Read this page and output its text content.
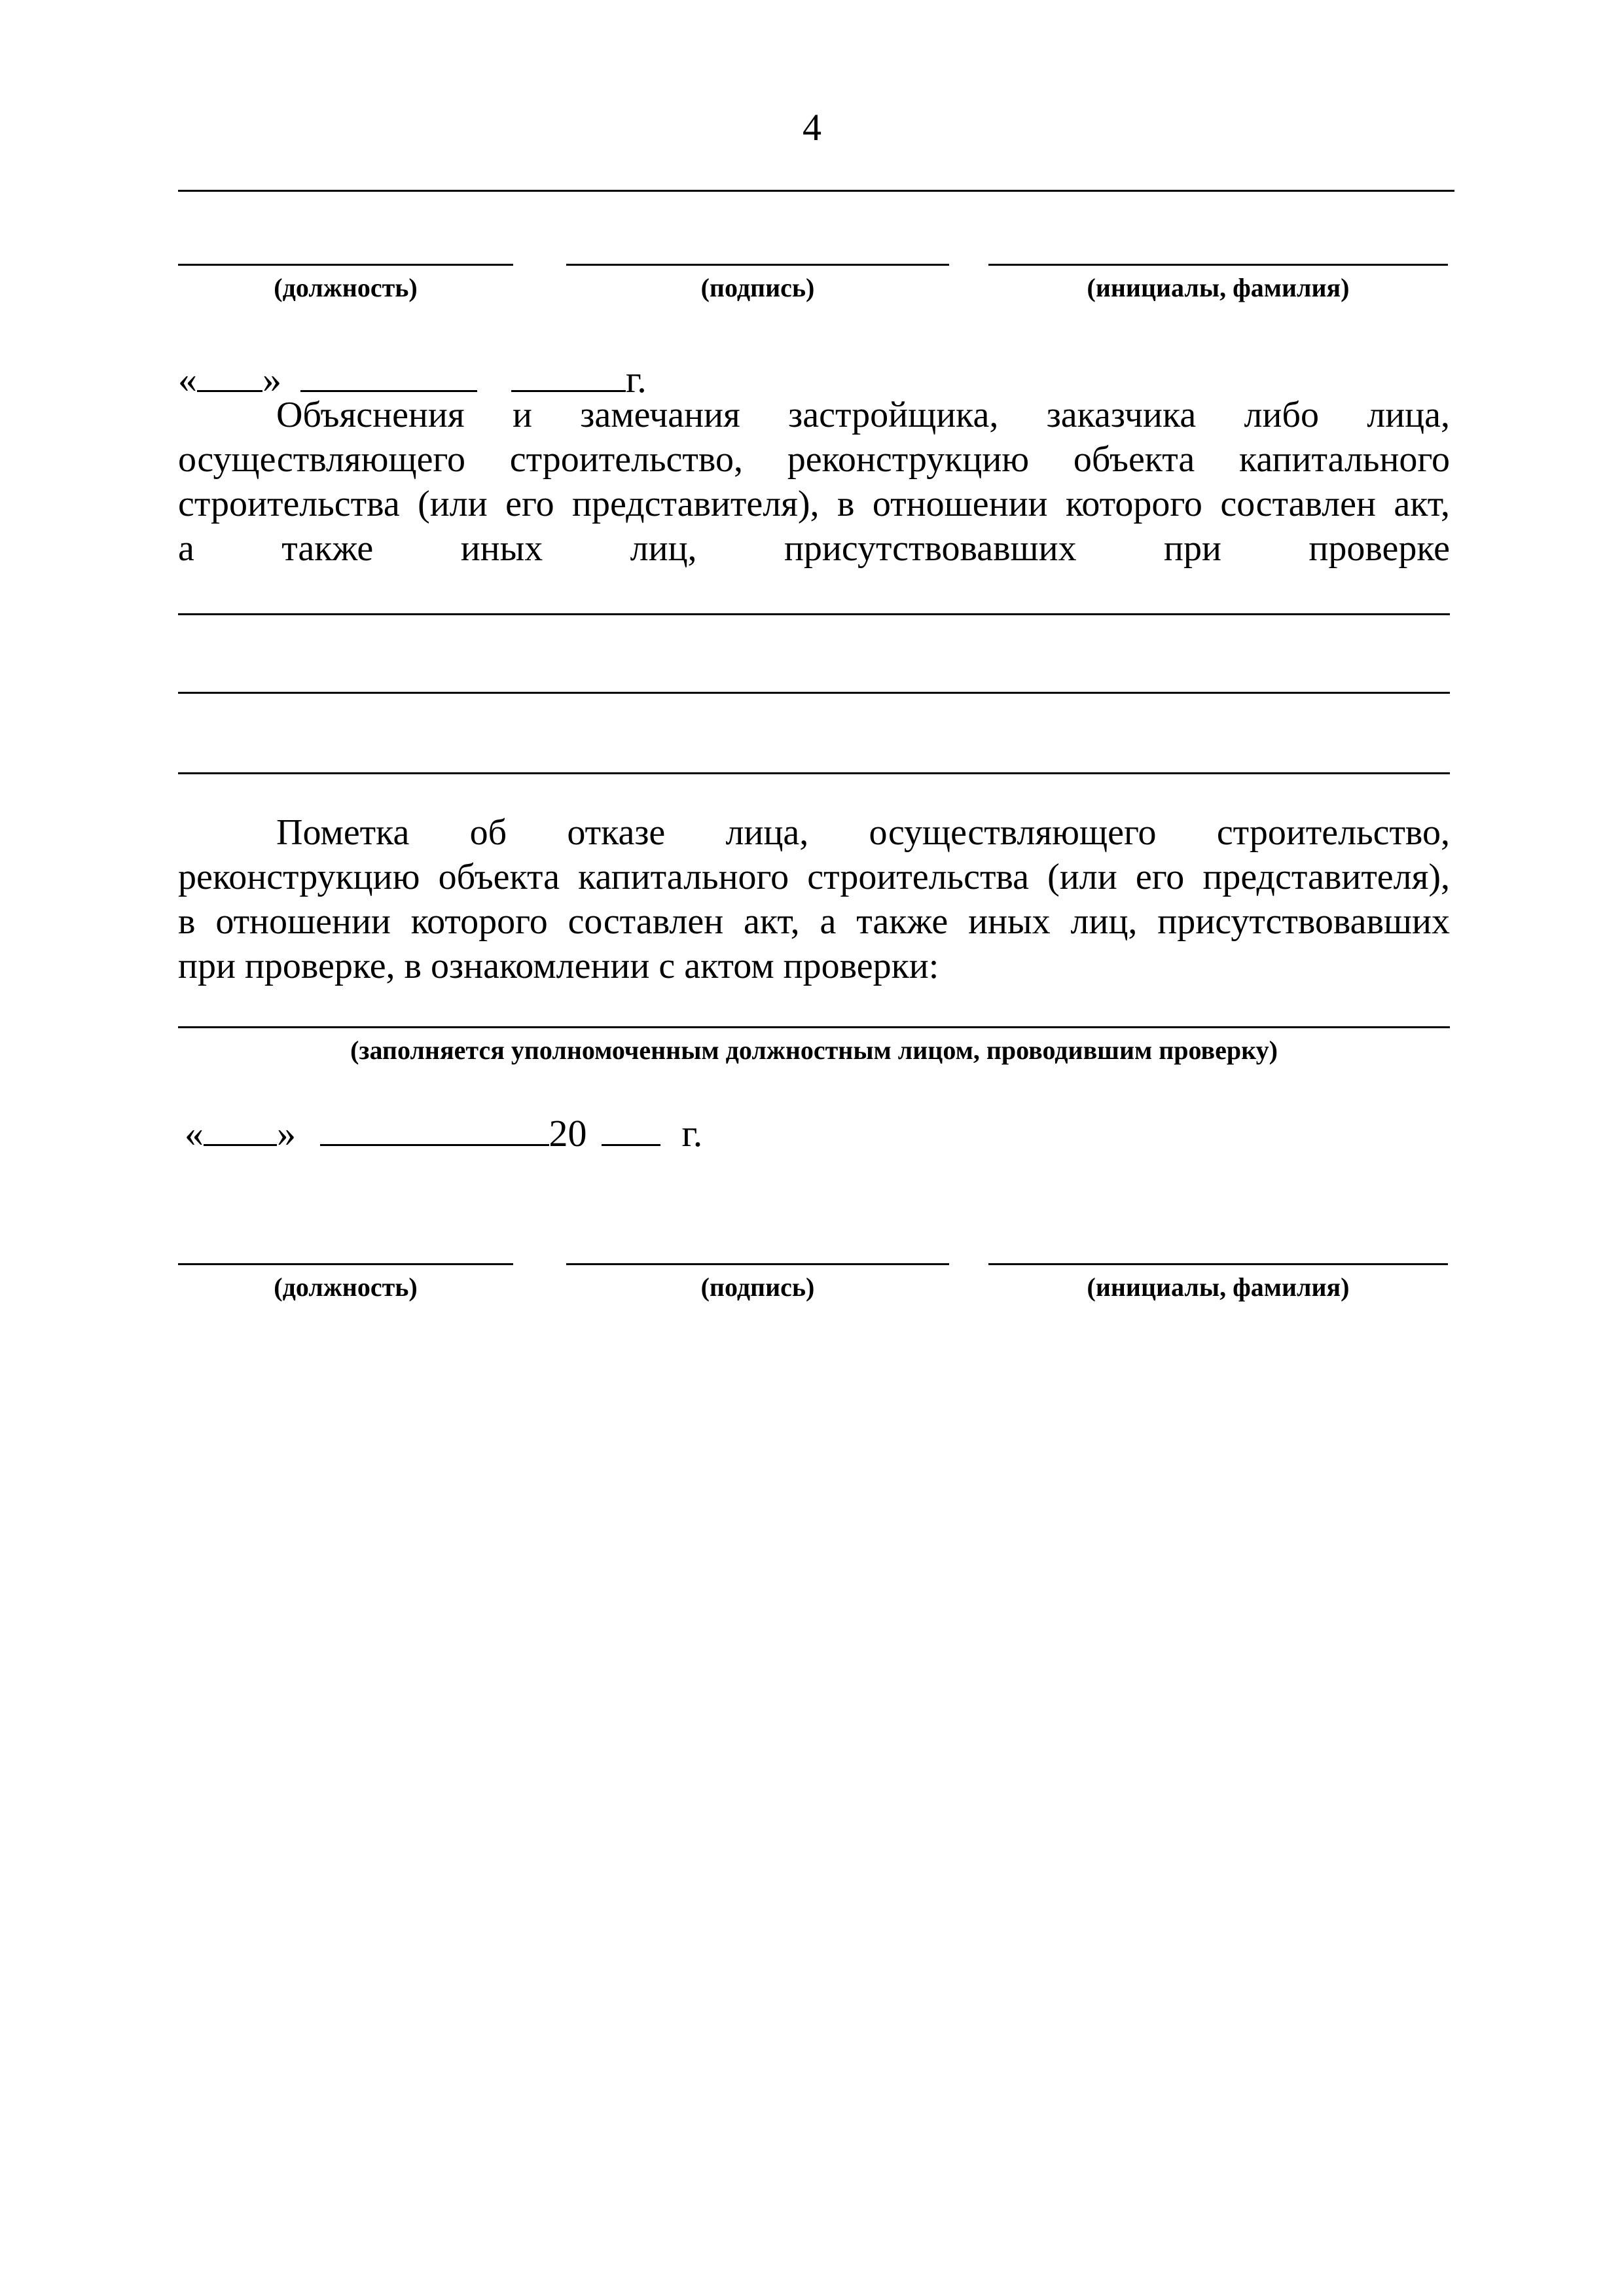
4
(должность)	(подпись)	(инициалы, фамилия)
« »	г.
Объяснения и замечания застройщика, заказчика либо лица,
осуществляющего строительство, реконструкцию объекта капитального
строительства (или его представителя), в отношении которого составлен акт,
а также иных лиц, присутствовавших при проверке
Пометка об отказе лица, осуществляющего строительство,
реконструкцию объекта капитального строительства (или его представителя),
в отношении которого составлен акт, а также иных лиц, присутствовавших
при проверке, в ознакомлении с актом проверки:
(заполняется уполномоченным должностным лицом, проводившим проверку)
« »	20	г.
(должность)	(подпись)	(инициалы, фамилия)
